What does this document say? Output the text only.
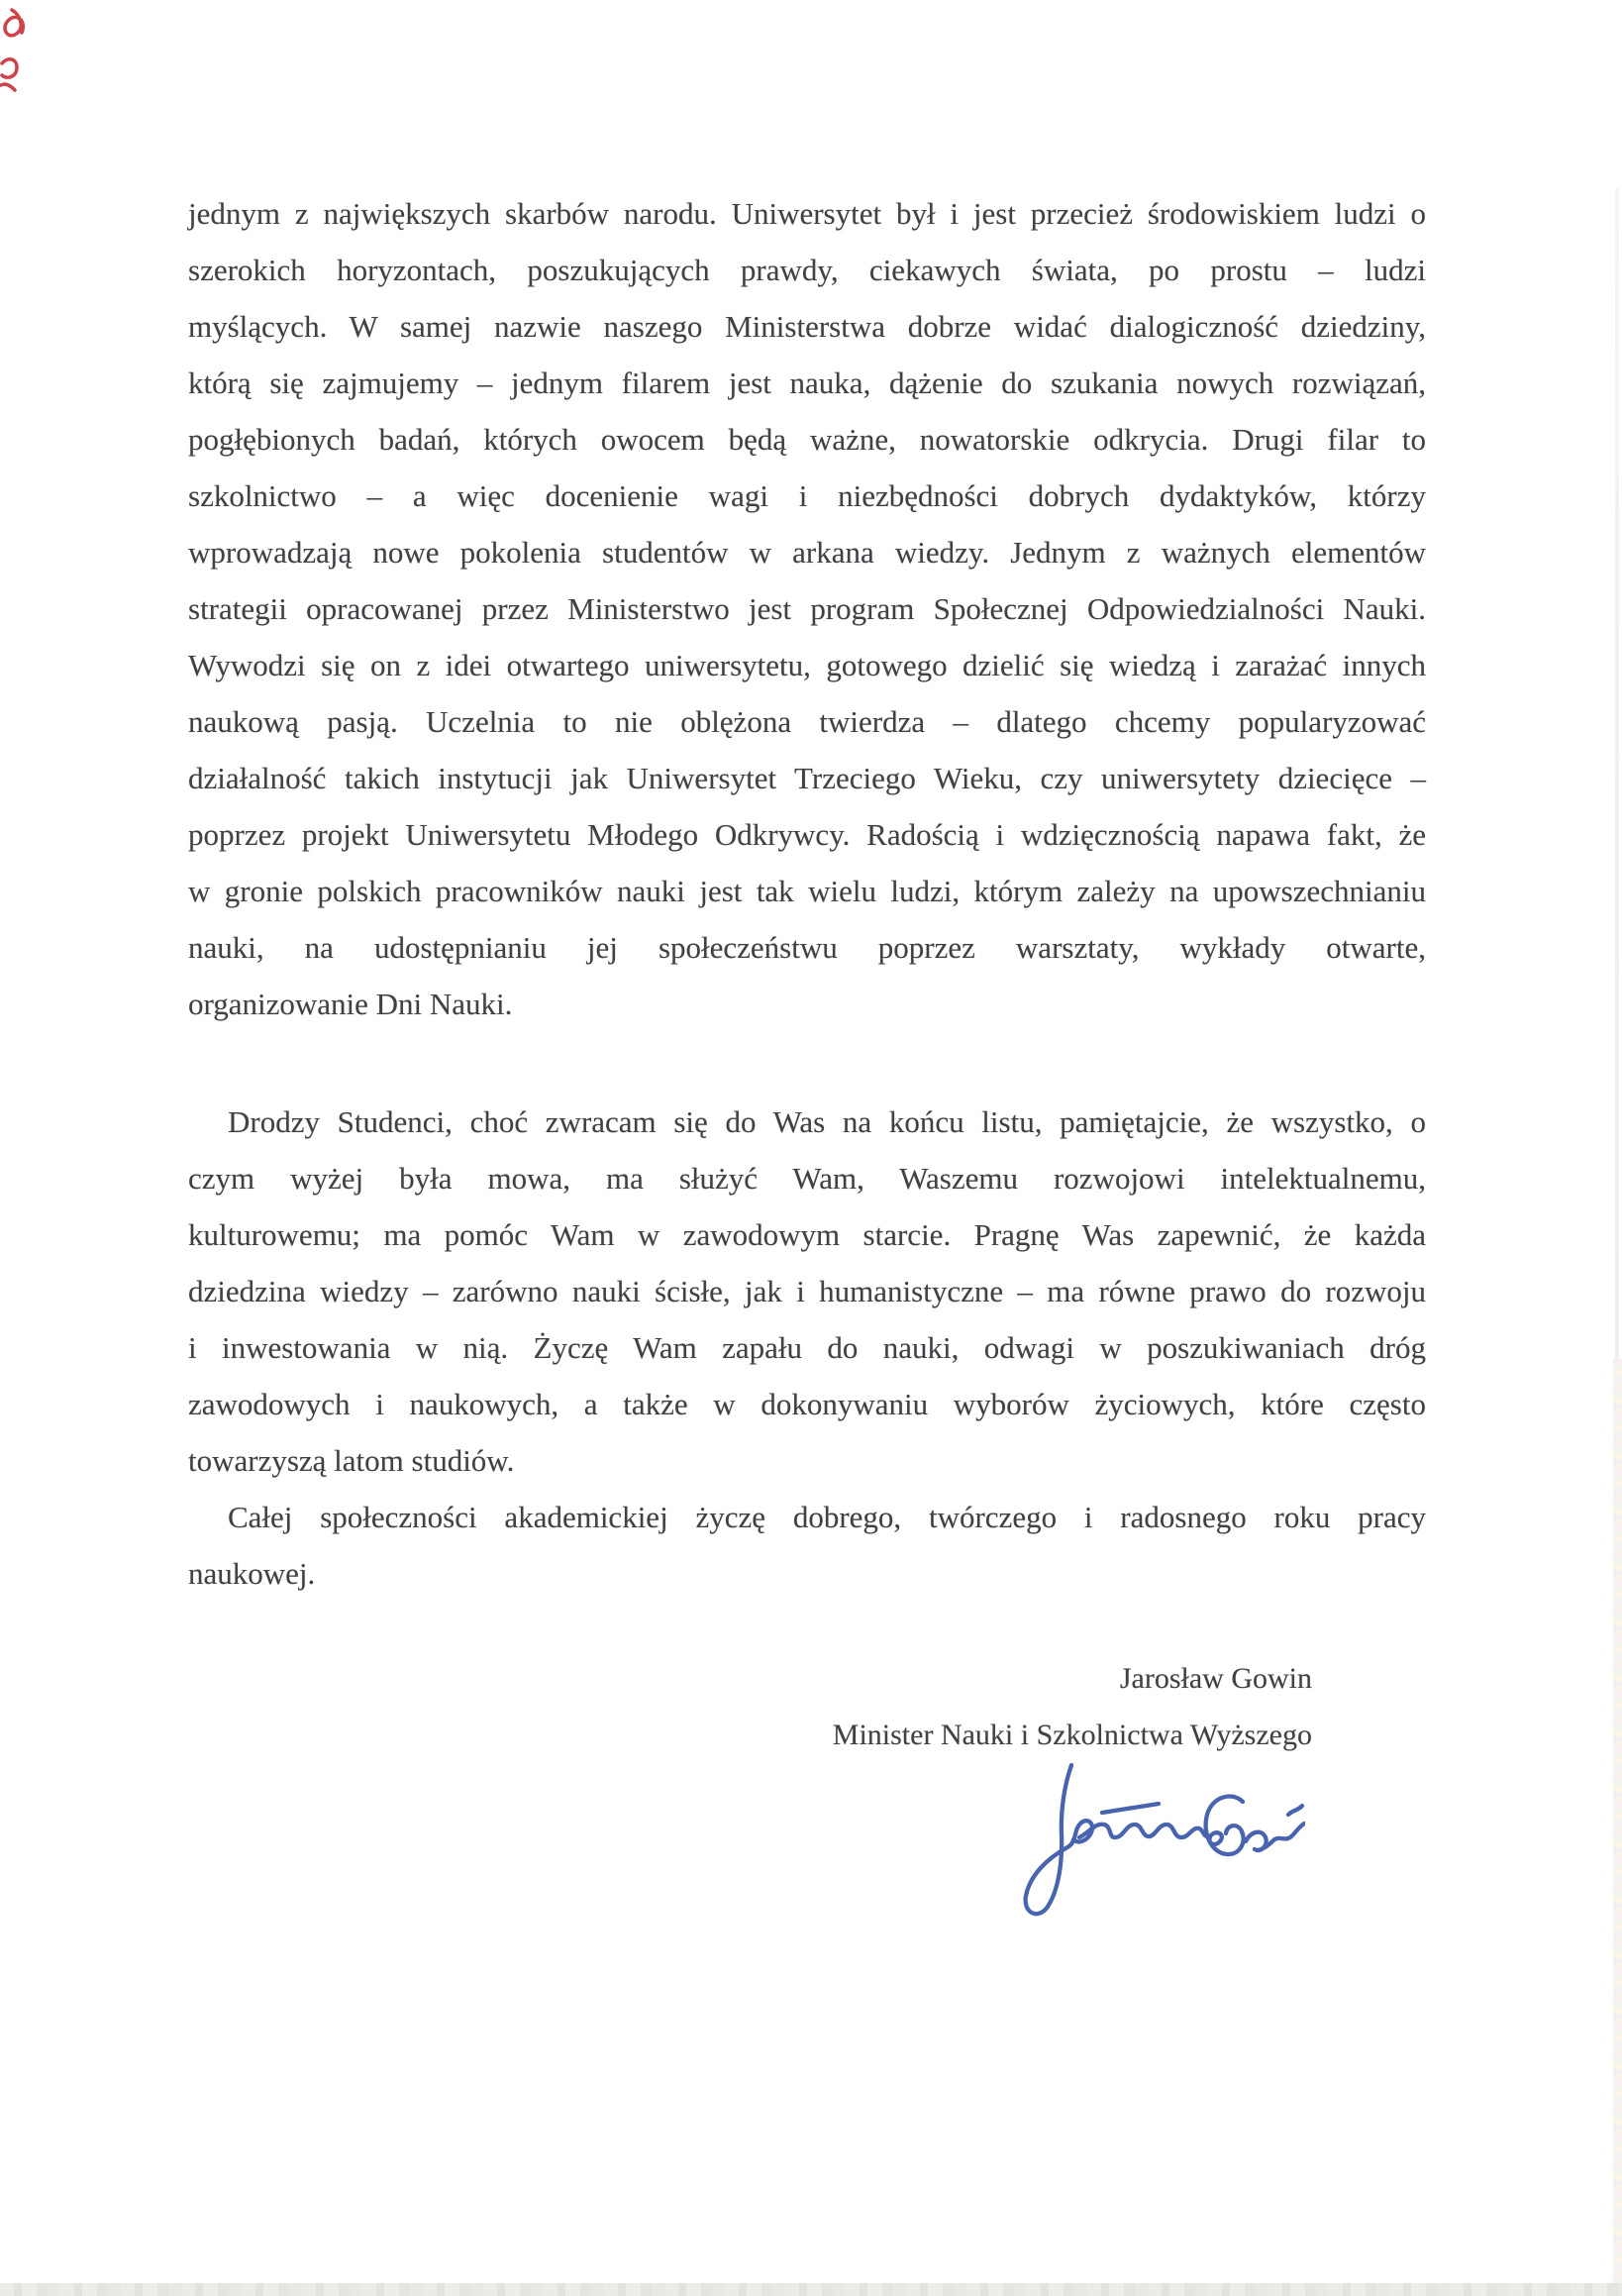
jednym z największych skarbów narodu. Uniwersytet był i jest przecież środowiskiem ludzi o
szerokich horyzontach, poszukujących prawdy, ciekawych świata, po prostu – ludzi
myślących. W samej nazwie naszego Ministerstwa dobrze widać dialogiczność dziedziny,
którą się zajmujemy – jednym filarem jest nauka, dążenie do szukania nowych rozwiązań,
pogłębionych badań, których owocem będą ważne, nowatorskie odkrycia. Drugi filar to
szkolnictwo – a więc docenienie wagi i niezbędności dobrych dydaktyków, którzy
wprowadzają nowe pokolenia studentów w arkana wiedzy. Jednym z ważnych elementów
strategii opracowanej przez Ministerstwo jest program Społecznej Odpowiedzialności Nauki.
Wywodzi się on z idei otwartego uniwersytetu, gotowego dzielić się wiedzą i zarażać innych
naukową pasją. Uczelnia to nie oblężona twierdza – dlatego chcemy popularyzować
działalność takich instytucji jak Uniwersytet Trzeciego Wieku, czy uniwersytety dziecięce –
poprzez projekt Uniwersytetu Młodego Odkrywcy. Radością i wdzięcznością napawa fakt, że
w gronie polskich pracowników nauki jest tak wielu ludzi, którym zależy na upowszechnianiu
nauki, na udostępnianiu jej społeczeństwu poprzez warsztaty, wykłady otwarte,
organizowanie Dni Nauki.
Drodzy Studenci, choć zwracam się do Was na końcu listu, pamiętajcie, że wszystko, o
czym wyżej była mowa, ma służyć Wam, Waszemu rozwojowi intelektualnemu,
kulturowemu; ma pomóc Wam w zawodowym starcie. Pragnę Was zapewnić, że każda
dziedzina wiedzy – zarówno nauki ścisłe, jak i humanistyczne – ma równe prawo do rozwoju
i inwestowania w nią. Życzę Wam zapału do nauki, odwagi w poszukiwaniach dróg
zawodowych i naukowych, a także w dokonywaniu wyborów życiowych, które często
towarzyszą latom studiów.
Całej społeczności akademickiej życzę dobrego, twórczego i radosnego roku pracy
naukowej.
Jarosław Gowin
Minister Nauki i Szkolnictwa Wyższego
